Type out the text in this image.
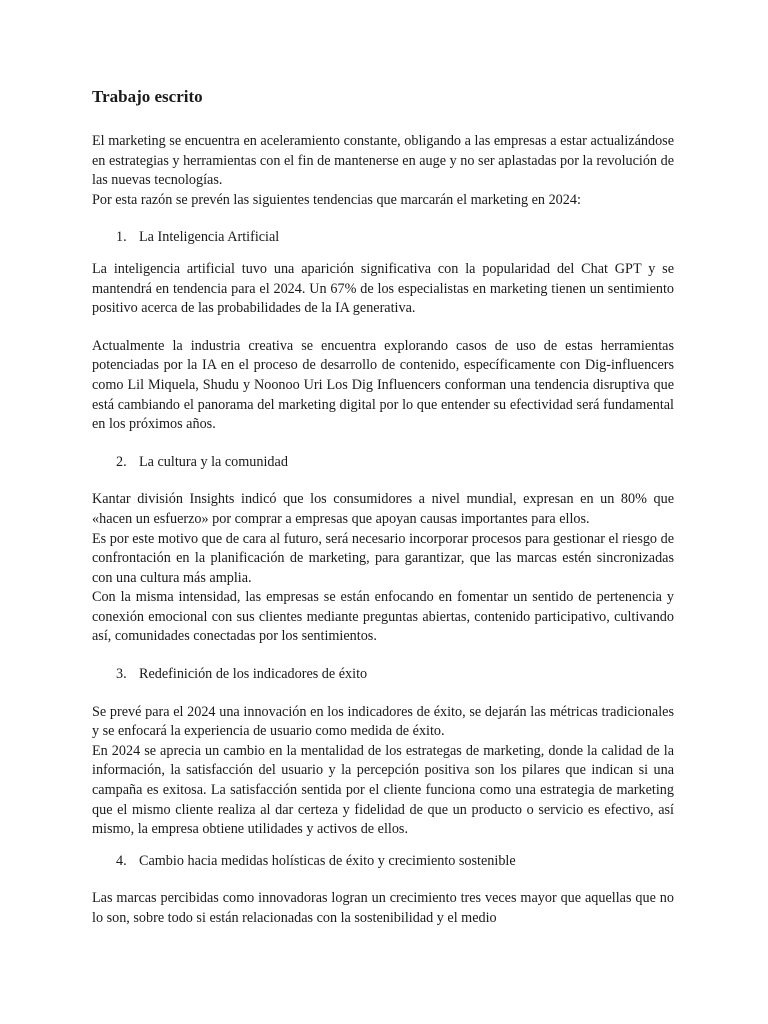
Trabajo escrito

El marketing se encuentra en aceleramiento constante, obligando a las empresas a estar actualizándose en estrategias y herramientas con el fin de mantenerse en auge y no ser aplastadas por la revolución de las nuevas tecnologías.

Por esta razón se prevén las siguientes tendencias que marcarán el marketing en 2024:

1. La Inteligencia Artificial

La inteligencia artificial tuvo una aparición significativa con la popularidad del Chat GPT y se mantendrá en tendencia para el 2024. Un 67% de los especialistas en marketing tienen un sentimiento positivo acerca de las probabilidades de la IA generativa.

Actualmente la industria creativa se encuentra explorando casos de uso de estas herramientas potenciadas por la IA en el proceso de desarrollo de contenido, específicamente con Dig-influencers como Lil Miquela, Shudu y Noonoo Uri Los Dig Influencers conforman una tendencia disruptiva que está cambiando el panorama del marketing digital por lo que entender su efectividad será fundamental en los próximos años.

2. La cultura y la comunidad

Kantar división Insights indicó que los consumidores a nivel mundial, expresan en un 80% que «hacen un esfuerzo» por comprar a empresas que apoyan causas importantes para ellos.

Es por este motivo que de cara al futuro, será necesario incorporar procesos para gestionar el riesgo de confrontación en la planificación de marketing, para garantizar, que las marcas estén sincronizadas con una cultura más amplia.

Con la misma intensidad, las empresas se están enfocando en fomentar un sentido de pertenencia y conexión emocional con sus clientes mediante preguntas abiertas, contenido participativo, cultivando así, comunidades conectadas por los sentimientos.

3. Redefinición de los indicadores de éxito

Se prevé para el 2024 una innovación en los indicadores de éxito, se dejarán las métricas tradicionales y se enfocará la experiencia de usuario como medida de éxito.

En 2024 se aprecia un cambio en la mentalidad de los estrategas de marketing, donde la calidad de la información, la satisfacción del usuario y la percepción positiva son los pilares que indican si una campaña es exitosa. La satisfacción sentida por el cliente funciona como una estrategia de marketing que el mismo cliente realiza al dar certeza y fidelidad de que un producto o servicio es efectivo, así mismo, la empresa obtiene utilidades y activos de ellos.

4. Cambio hacia medidas holísticas de éxito y crecimiento sostenible

Las marcas percibidas como innovadoras logran un crecimiento tres veces mayor que aquellas que no lo son, sobre todo si están relacionadas con la sostenibilidad y el medio
